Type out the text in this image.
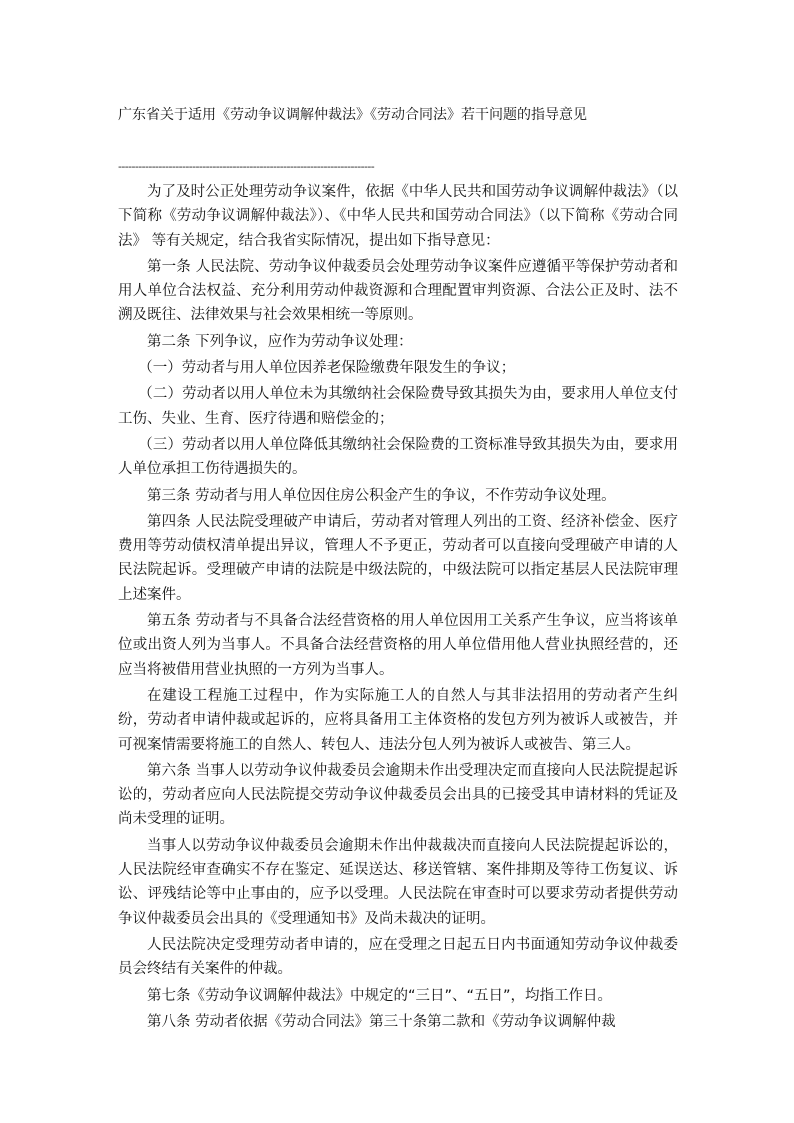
广东省关于适用《劳动争议调解仲裁法》《劳动合同法》若干问题的指导意见
----------------------------------------------------------------------------

为了及时公正处理劳动争议案件，依据《中华人民共和国劳动争议调解仲裁法》（以下简称《劳动争议调解仲裁法》）、《中华人民共和国劳动合同法》（以下简称《劳动合同法》 等有关规定，结合我省实际情况，提出如下指导意见：

第一条 人民法院、劳动争议仲裁委员会处理劳动争议案件应遵循平等保护劳动者和用人单位合法权益、充分利用劳动仲裁资源和合理配置审判资源、合法公正及时、法不溯及既往、法律效果与社会效果相统一等原则。

第二条 下列争议，应作为劳动争议处理：

（一）劳动者与用人单位因养老保险缴费年限发生的争议；

（二）劳动者以用人单位未为其缴纳社会保险费导致其损失为由，要求用人单位支付工伤、失业、生育、医疗待遇和赔偿金的；

（三）劳动者以用人单位降低其缴纳社会保险费的工资标准导致其损失为由，要求用人单位承担工伤待遇损失的。

第三条 劳动者与用人单位因住房公积金产生的争议，不作劳动争议处理。

第四条 人民法院受理破产申请后，劳动者对管理人列出的工资、经济补偿金、医疗费用等劳动债权清单提出异议，管理人不予更正，劳动者可以直接向受理破产申请的人民法院起诉。受理破产申请的法院是中级法院的，中级法院可以指定基层人民法院审理上述案件。

第五条 劳动者与不具备合法经营资格的用人单位因用工关系产生争议，应当将该单位或出资人列为当事人。不具备合法经营资格的用人单位借用他人营业执照经营的，还应当将被借用营业执照的一方列为当事人。

在建设工程施工过程中，作为实际施工人的自然人与其非法招用的劳动者产生纠纷，劳动者申请仲裁或起诉的，应将具备用工主体资格的发包方列为被诉人或被告，并可视案情需要将施工的自然人、转包人、违法分包人列为被诉人或被告、第三人。

第六条 当事人以劳动争议仲裁委员会逾期未作出受理决定而直接向人民法院提起诉讼的，劳动者应向人民法院提交劳动争议仲裁委员会出具的已接受其申请材料的凭证及尚未受理的证明。

当事人以劳动争议仲裁委员会逾期未作出仲裁裁决而直接向人民法院提起诉讼的，人民法院经审查确实不存在鉴定、延误送达、移送管辖、案件排期及等待工伤复议、诉讼、评残结论等中止事由的，应予以受理。人民法院在审查时可以要求劳动者提供劳动争议仲裁委员会出具的《受理通知书》及尚未裁决的证明。

人民法院决定受理劳动者申请的，应在受理之日起五日内书面通知劳动争议仲裁委员会终结有关案件的仲裁。

第七条《劳动争议调解仲裁法》中规定的“三日”、“五日”，均指工作日。

第八条 劳动者依据《劳动合同法》第三十条第二款和《劳动争议调解仲裁
